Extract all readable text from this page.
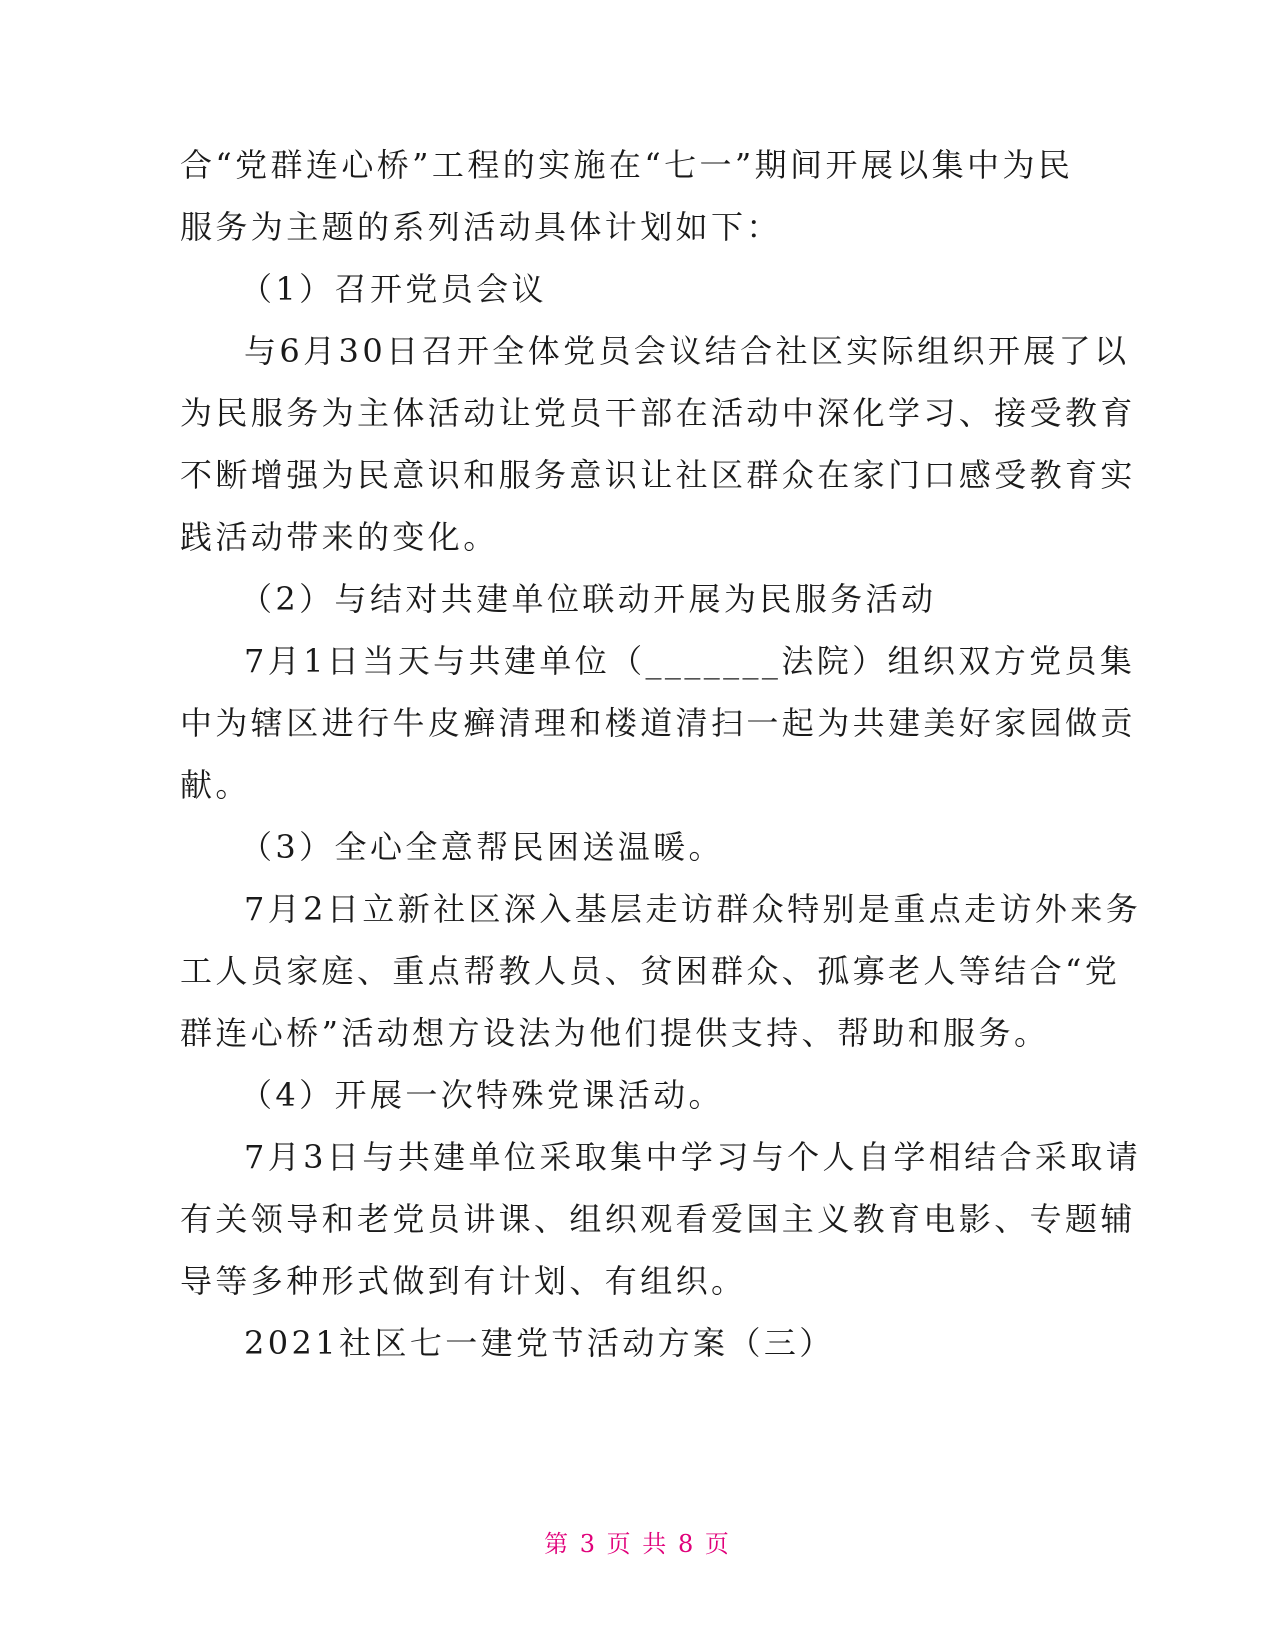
合“党群连心桥”工程的实施在“七一”期间开展以集中为民
服务为主题的系列活动具体计划如下：
（1）召开党员会议
与6月30日召开全体党员会议结合社区实际组织开展了以
为民服务为主体活动让党员干部在活动中深化学习、接受教育
不断增强为民意识和服务意识让社区群众在家门口感受教育实
践活动带来的变化。
（2）与结对共建单位联动开展为民服务活动
7月1日当天与共建单位（_______法院）组织双方党员集
中为辖区进行牛皮癣清理和楼道清扫一起为共建美好家园做贡
献。
（3）全心全意帮民困送温暖。
7月2日立新社区深入基层走访群众特别是重点走访外来务
工人员家庭、重点帮教人员、贫困群众、孤寡老人等结合“党
群连心桥”活动想方设法为他们提供支持、帮助和服务。
（4）开展一次特殊党课活动。
7月3日与共建单位采取集中学习与个人自学相结合采取请
有关领导和老党员讲课、组织观看爱国主义教育电影、专题辅
导等多种形式做到有计划、有组织。
2021社区七一建党节活动方案（三）
第 3 页 共 8 页
